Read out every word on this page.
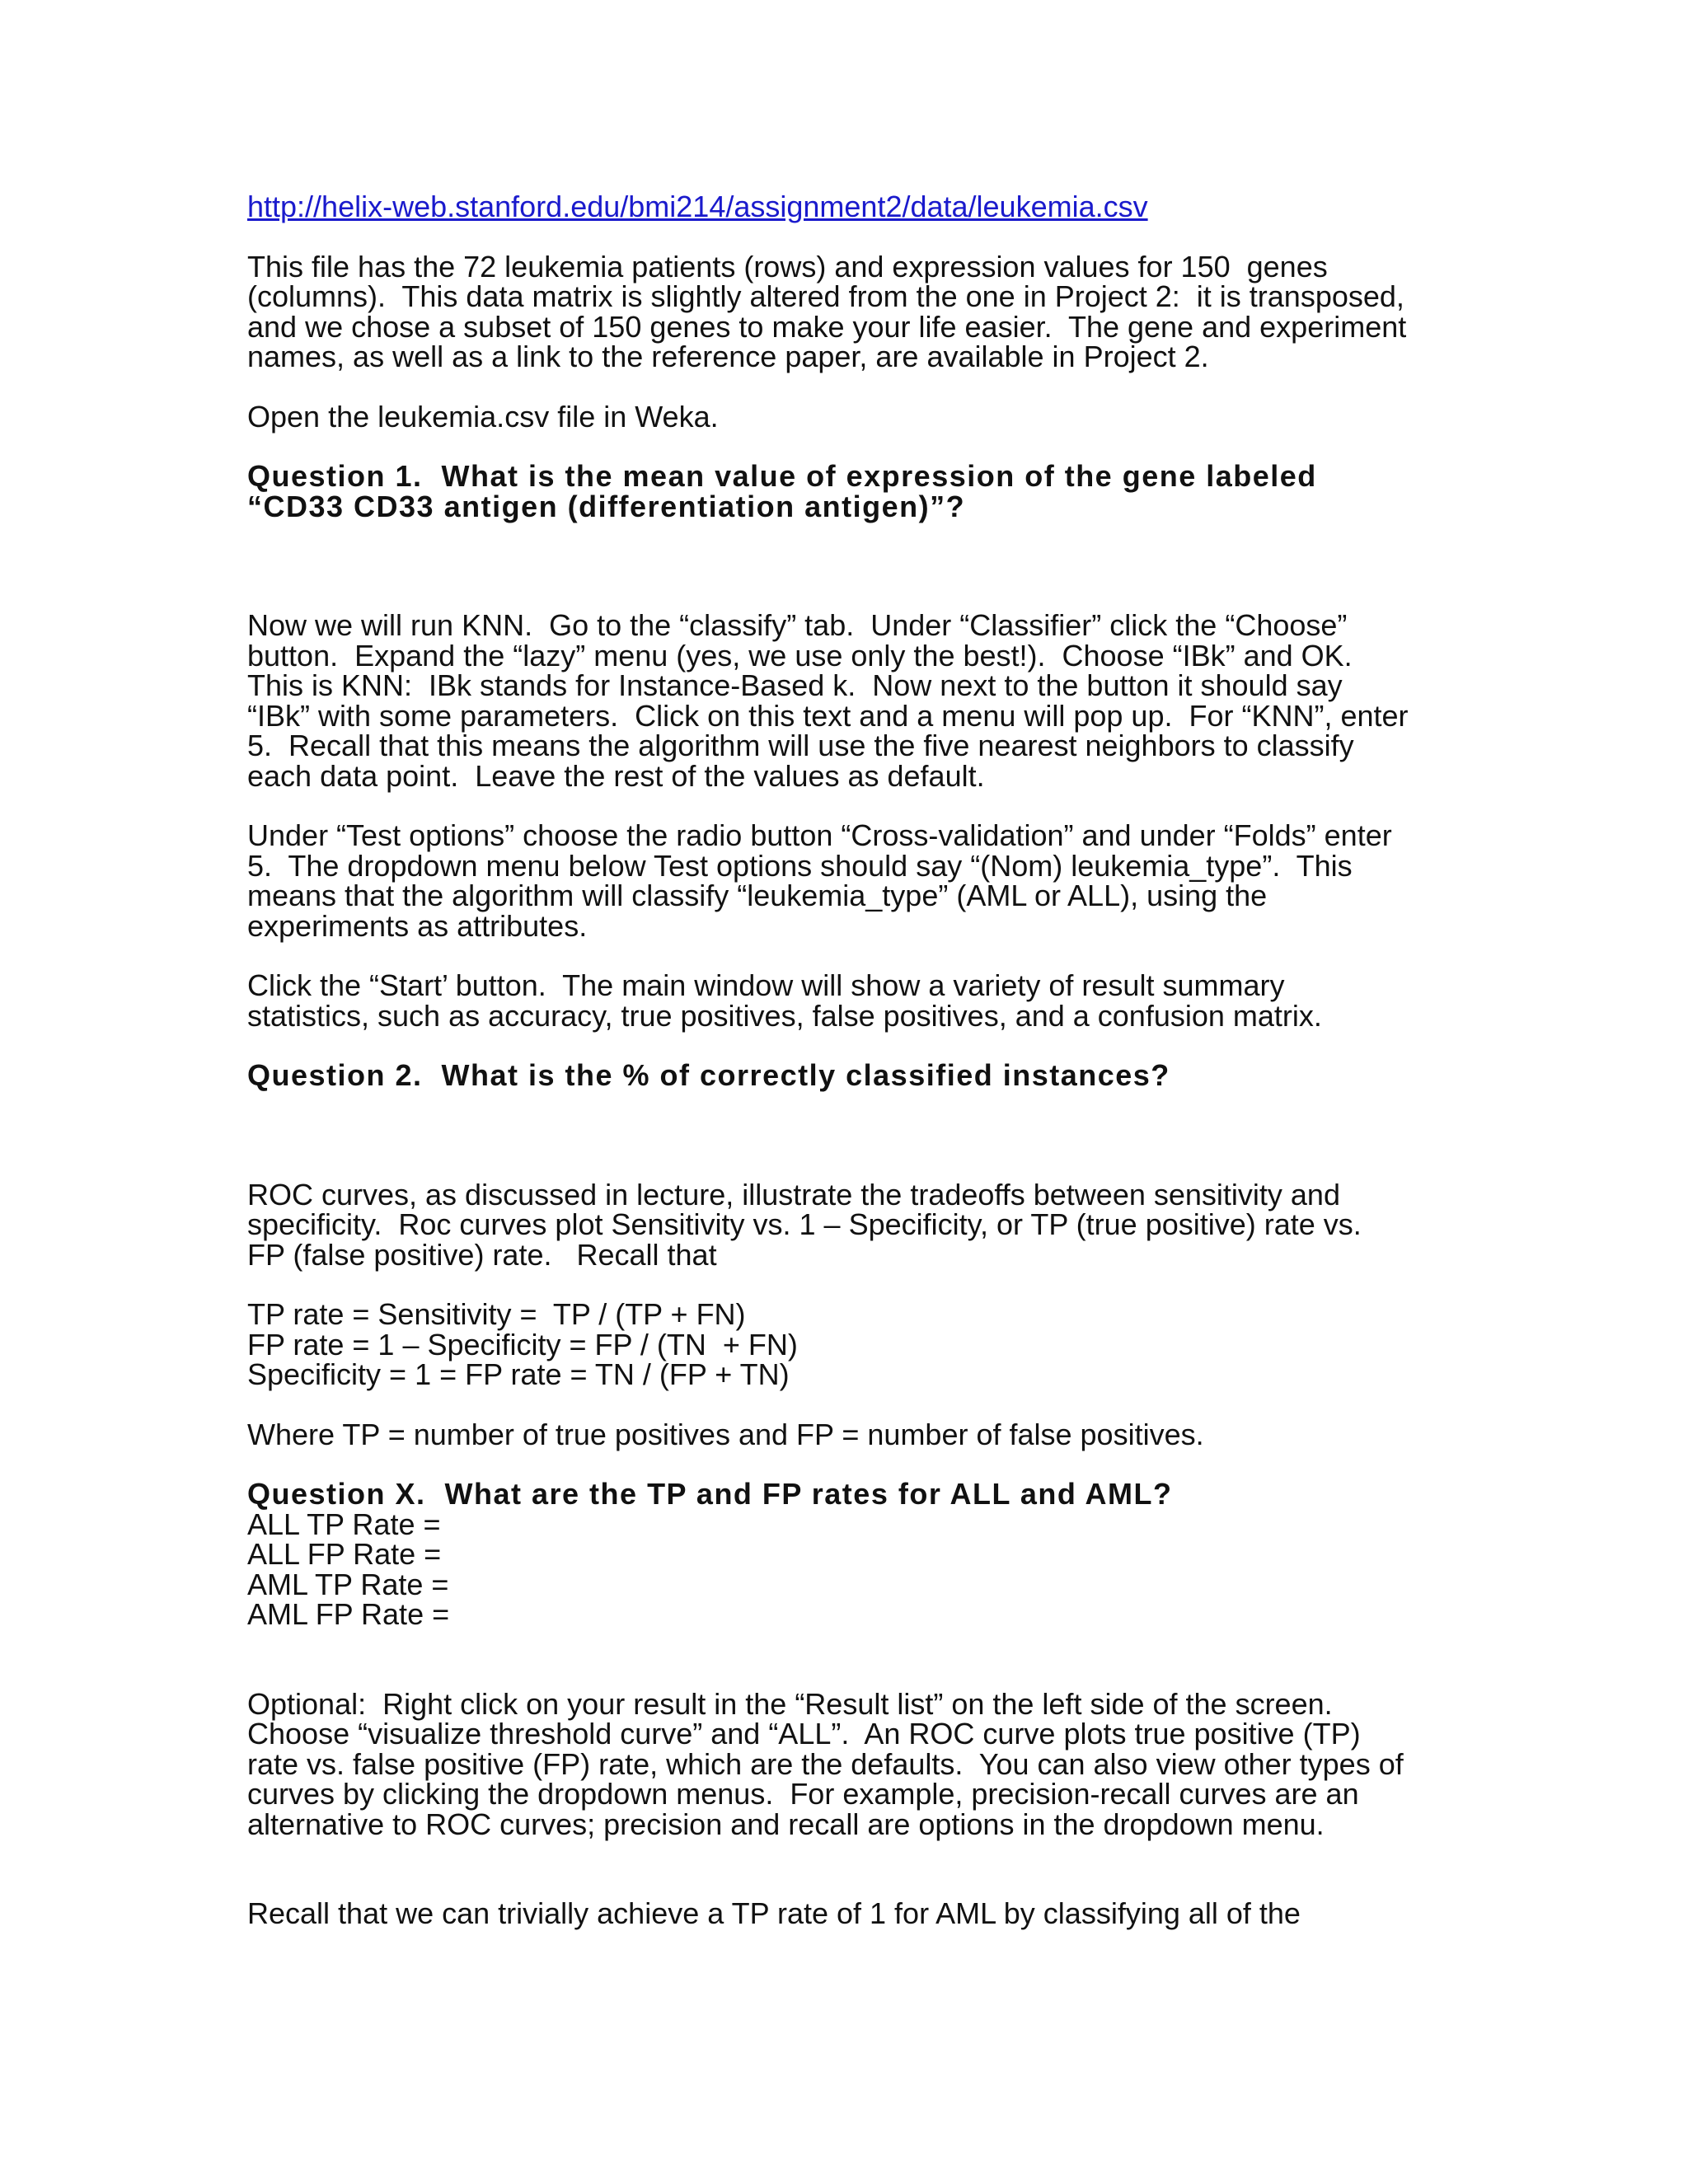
http://helix-web.stanford.edu/bmi214/assignment2/data/leukemia.csv

This file has the 72 leukemia patients (rows) and expression values for 150  genes
(columns).  This data matrix is slightly altered from the one in Project 2:  it is transposed,
and we chose a subset of 150 genes to make your life easier.  The gene and experiment
names, as well as a link to the reference paper, are available in Project 2.

Open the leukemia.csv file in Weka.

Question 1.  What is the mean value of expression of the gene labeled
“CD33 CD33 antigen (differentiation antigen)”?

Now we will run KNN.  Go to the “classify” tab.  Under “Classifier” click the “Choose”
button.  Expand the “lazy” menu (yes, we use only the best!).  Choose “IBk” and OK.
This is KNN:  IBk stands for Instance-Based k.  Now next to the button it should say
“IBk” with some parameters.  Click on this text and a menu will pop up.  For “KNN”, enter
5.  Recall that this means the algorithm will use the five nearest neighbors to classify
each data point.  Leave the rest of the values as default.

Under “Test options” choose the radio button “Cross-validation” and under “Folds” enter
5.  The dropdown menu below Test options should say “(Nom) leukemia_type”.  This
means that the algorithm will classify “leukemia_type” (AML or ALL), using the
experiments as attributes.

Click the “Start’ button.  The main window will show a variety of result summary
statistics, such as accuracy, true positives, false positives, and a confusion matrix.

Question 2.  What is the % of correctly classified instances?

ROC curves, as discussed in lecture, illustrate the tradeoffs between sensitivity and
specificity.  Roc curves plot Sensitivity vs. 1 – Specificity, or TP (true positive) rate vs.
FP (false positive) rate.   Recall that

TP rate = Sensitivity =  TP / (TP + FN)
FP rate = 1 – Specificity = FP / (TN  + FN)
Specificity = 1 = FP rate = TN / (FP + TN)

Where TP = number of true positives and FP = number of false positives.

Question X.  What are the TP and FP rates for ALL and AML?

ALL TP Rate =
ALL FP Rate =
AML TP Rate =
AML FP Rate =

Optional:  Right click on your result in the “Result list” on the left side of the screen.
Choose “visualize threshold curve” and “ALL”.  An ROC curve plots true positive (TP)
rate vs. false positive (FP) rate, which are the defaults.  You can also view other types of
curves by clicking the dropdown menus.  For example, precision-recall curves are an
alternative to ROC curves; precision and recall are options in the dropdown menu.

Recall that we can trivially achieve a TP rate of 1 for AML by classifying all of the
